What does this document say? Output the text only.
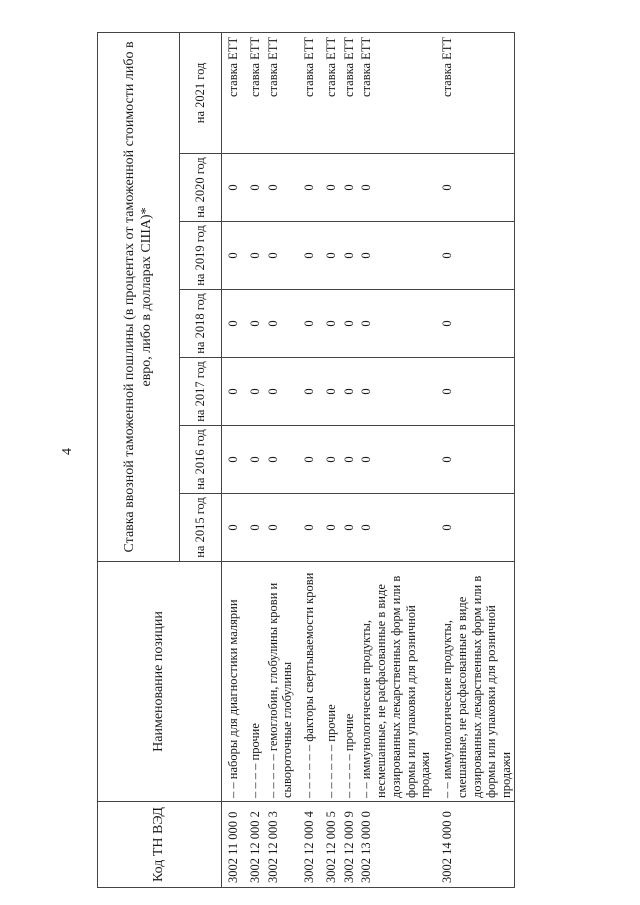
4
Код ТН ВЭД	Наименование позиции	Ставка ввозной таможенной пошлины (в процентах от таможенной стоимости либо в евро, либо в долларах США)*						
		на 2015 год	на 2016 год	на 2017 год	на 2018 год	на 2019 год	на 2020 год	на 2021 год
3002 11 000 0	– – наборы для диагностики малярии	0	0	0	0	0	0	ставка ЕТТ
3002 12 000 2	– – – – прочие	0	0	0	0	0	0	ставка ЕТТ
3002 12 000 3	– – – – – гемоглобин, глобулины крови и сывороточные глобулины	0	0	0	0	0	0	ставка ЕТТ
3002 12 000 4	– – – – – – факторы свертываемости крови	0	0	0	0	0	0	ставка ЕТТ
3002 12 000 5	– – – – – – прочие	0	0	0	0	0	0	ставка ЕТТ
3002 12 000 9	– – – – – прочие	0	0	0	0	0	0	ставка ЕТТ
3002 13 000 0	– – иммунологические продукты, несмешанные, не расфасованные в виде дозированных лекарственных форм или в формы или упаковки для розничной продажи	0	0	0	0	0	0	ставка ЕТТ
3002 14 000 0	– – иммунологические продукты, смешанные, не расфасованные в виде дозированных лекарственных форм или в формы или упаковки для розничной продажи	0	0	0	0	0	0	ставка ЕТТ
